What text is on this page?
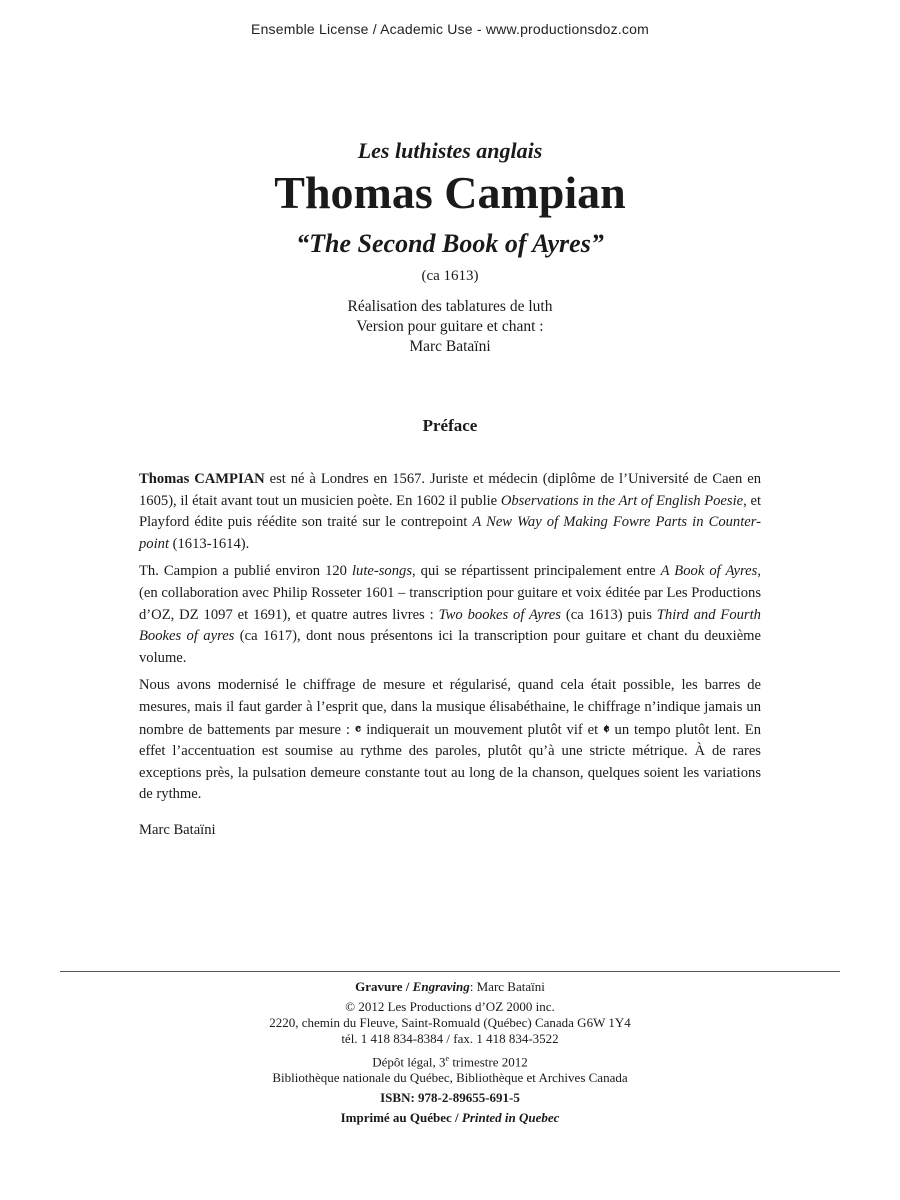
Ensemble License / Academic Use - www.productionsdoz.com
Les luthistes anglais
Thomas Campian
“The Second Book of Ayres”
(ca 1613)
Réalisation des tablatures de luth
Version pour guitare et chant :
Marc Bataïni
Préface

Thomas CAMPIAN est né à Londres en 1567. Juriste et médecin (diplôme de l’Université de Caen en 1605), il était avant tout un musicien poète. En 1602 il publie Observations in the Art of English Poesie, et Playford édite puis réédite son traité sur le contrepoint A New Way of Making Fowre Parts in Counter-point (1613-1614).

Th. Campion a publié environ 120 lute-songs, qui se répartissent principalement entre A Book of Ayres, (en collaboration avec Philip Rosseter 1601 – transcription pour guitare et voix éditée par Les Productions d’OZ, DZ 1097 et 1691), et quatre autres livres : Two bookes of Ayres (ca 1613) puis Third and Fourth Bookes of ayres (ca 1617), dont nous présentons ici la transcription pour guitare et chant du deuxième volume.

Nous avons modernisé le chiffrage de mesure et régularisé, quand cela était possible, les barres de mesures, mais il faut garder à l’esprit que, dans la musique élisabéthaine, le chiffrage n’indique jamais un nombre de battements par mesure : 𝄴 indiquerait un mouvement plutôt vif et 𝄵 un tempo plutôt lent. En effet l’accentuation est soumise au rythme des paroles, plutôt qu’à une stricte métrique. À de rares exceptions près, la pulsation demeure constante tout au long de la chanson, quelques soient les variations de rythme.

Marc Bataïni
Gravure / Engraving: Marc Bataïni
© 2012 Les Productions d’OZ 2000 inc.
2220, chemin du Fleuve, Saint-Romuald (Québec) Canada G6W 1Y4
tél. 1 418 834-8384 / fax. 1 418 834-3522
Dépôt légal, 3e trimestre 2012
Bibliothèque nationale du Québec, Bibliothèque et Archives Canada
ISBN: 978-2-89655-691-5
Imprimé au Québec / Printed in Quebec
